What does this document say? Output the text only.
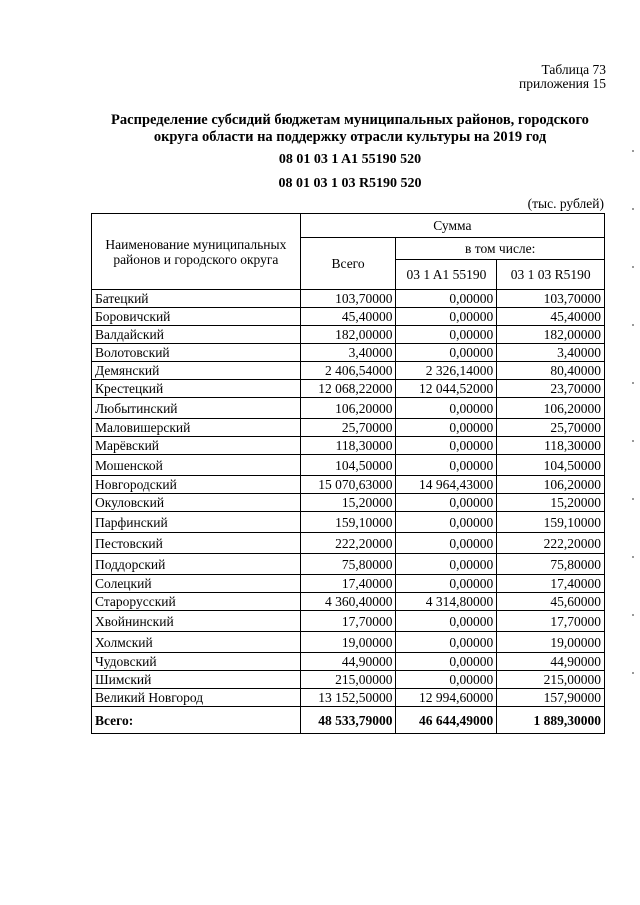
Таблица 73
приложения 15
Распределение субсидий бюджетам муниципальных районов, городского
округа области на поддержку отрасли культуры на 2019 год
08 01 03 1 A1 55190 520
08 01 03 1 03 R5190 520
(тыс. рублей)
Наименование муниципальных
районов и городского округа	Сумма		
	Всего	в том числе:	
		03 1 A1 55190	03 1 03 R5190
Батецкий	103,70000	0,00000	103,70000
Боровичский	45,40000	0,00000	45,40000
Валдайский	182,00000	0,00000	182,00000
Волотовский	3,40000	0,00000	3,40000
Демянский	2 406,54000	2 326,14000	80,40000
Крестецкий	12 068,22000	12 044,52000	23,70000
Любытинский	106,20000	0,00000	106,20000
Маловишерский	25,70000	0,00000	25,70000
Марёвский	118,30000	0,00000	118,30000
Мошенской	104,50000	0,00000	104,50000
Новгородский	15 070,63000	14 964,43000	106,20000
Окуловский	15,20000	0,00000	15,20000
Парфинский	159,10000	0,00000	159,10000
Пестовский	222,20000	0,00000	222,20000
Поддорский	75,80000	0,00000	75,80000
Солецкий	17,40000	0,00000	17,40000
Старорусский	4 360,40000	4 314,80000	45,60000
Хвойнинский	17,70000	0,00000	17,70000
Холмский	19,00000	0,00000	19,00000
Чудовский	44,90000	0,00000	44,90000
Шимский	215,00000	0,00000	215,00000
Великий Новгород	13 152,50000	12 994,60000	157,90000
Всего:	48 533,79000	46 644,49000	1 889,30000
